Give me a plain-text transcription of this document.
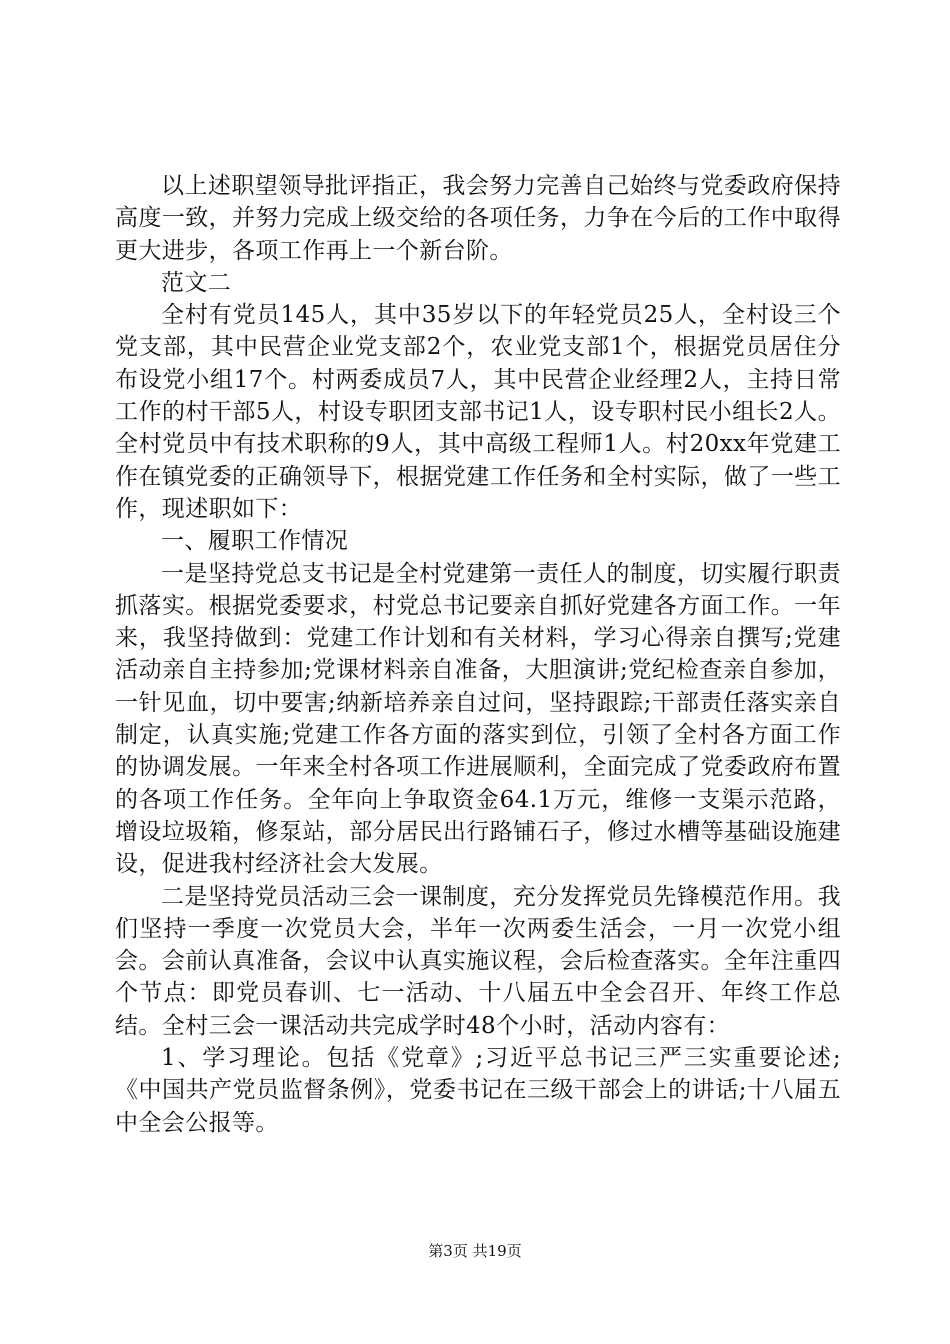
以上述职望领导批评指正，我会努力完善自己始终与党委政府保持高度一致，并努力完成上级交给的各项任务，力争在今后的工作中取得更大进步，各项工作再上一个新台阶。

范文二

全村有党员145人，其中35岁以下的年轻党员25人，全村设三个党支部，其中民营企业党支部2个，农业党支部1个，根据党员居住分布设党小组17个。村两委成员7人，其中民营企业经理2人，主持日常工作的村干部5人，村设专职团支部书记1人，设专职村民小组长2人。全村党员中有技术职称的9人，其中高级工程师1人。村20xx年党建工作在镇党委的正确领导下，根据党建工作任务和全村实际，做了一些工作，现述职如下：

一、履职工作情况

一是坚持党总支书记是全村党建第一责任人的制度，切实履行职责抓落实。根据党委要求，村党总书记要亲自抓好党建各方面工作。一年来，我坚持做到：党建工作计划和有关材料，学习心得亲自撰写;党建活动亲自主持参加;党课材料亲自准备，大胆演讲;党纪检查亲自参加，一针见血，切中要害;纳新培养亲自过问，坚持跟踪;干部责任落实亲自制定，认真实施;党建工作各方面的落实到位，引领了全村各方面工作的协调发展。一年来全村各项工作进展顺利，全面完成了党委政府布置的各项工作任务。全年向上争取资金64.1万元，维修一支渠示范路，增设垃圾箱，修泵站，部分居民出行路铺石子，修过水槽等基础设施建设，促进我村经济社会大发展。

二是坚持党员活动三会一课制度，充分发挥党员先锋模范作用。我们坚持一季度一次党员大会，半年一次两委生活会，一月一次党小组会。会前认真准备，会议中认真实施议程，会后检查落实。全年注重四个节点：即党员春训、七一活动、十八届五中全会召开、年终工作总结。全村三会一课活动共完成学时48个小时，活动内容有：

1、学习理论。包括《党章》;习近平总书记三严三实重要论述;《中国共产党员监督条例》，党委书记在三级干部会上的讲话;十八届五中全会公报等。

第3页 共19页
